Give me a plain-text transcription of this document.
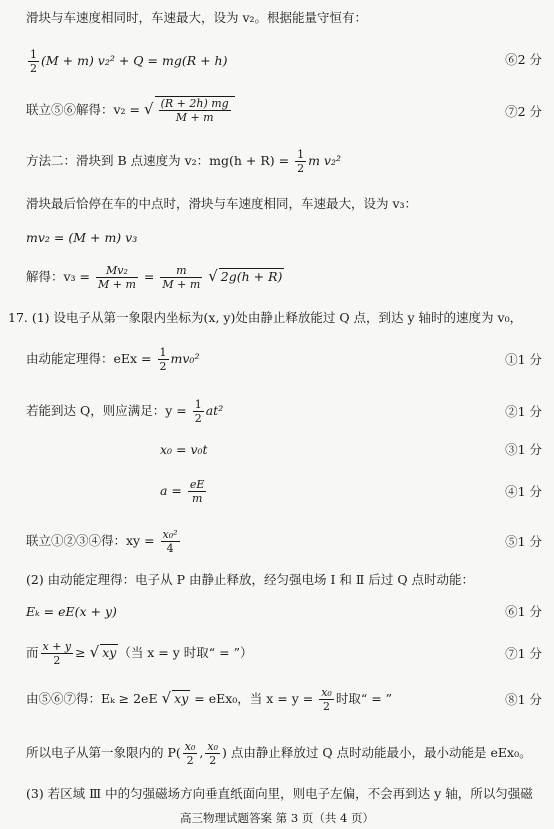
滑块与车速度相同时，车速最大，设为 v₂。根据能量守恒有：
$\frac{1}{2} (M + m) v_2^2 + Q = mg(R + h)$	⑥2 分
联立⑤⑥解得：v₂ = √ $\frac{(R + 2h) mg}{M + m}$	⑦2 分
方法二：滑块到 B 点速度为 v₂：$mg(h + R) = \frac{1}{2}$ m v₂²
滑块最后恰停在车的中点时，滑块与车速度相同，车速最大，设为 v₃：
mv₂ = (M + m) v₃
解得：$v_3 = \frac{\text{Mv₂}}{M + m} = \frac{m}{M + m}$ √ 2g(h + R)
17. (1) 设电子从第一象限内坐标为(x, y)处由静止释放能过 Q 点，到达 y 轴时的速度为 v₀，
由动能定理得：eEx = $\frac{1}{2} mv_0^2$	①1 分
若能到达 Q，则应满足：$y = \frac{1}{2} at^2$	②1 分
x₀ = v₀t	③1 分
$a = \frac{eE}{m}$	④1 分
联立①②③④得：xy = $\frac{\text{x₀²}}{4}$	⑤1 分
(2) 由动能定理得：电子从 P 由静止释放，经匀强电场 Ⅰ 和 Ⅱ 后过 Q 点时动能：
Eₖ = eE(x + y)	⑥1 分
而 $\frac{x + y}{2}$ ≥ √ xy （当 x = y 时取“ = ”）	⑦1 分
由⑤⑥⑦得：Eₖ ≥ 2eE √ xy = eEx₀，当 $x = y = \frac{\text{x₀}}{2}$ 时取“ = ”	⑧1 分
所以电子从第一象限内的 $P( \frac{\text{x₀}}{2}$ , $\frac{\text{x₀}}{2}$ ) 点由静止释放过 Q 点时动能最小，最小动能是 eEx₀。
(3) 若区域 Ⅲ 中的匀强磁场方向垂直纸面向里，则电子左偏，不会再到达 y 轴，所以匀强磁
高三物理试题答案 第 3 页（共 4 页）
